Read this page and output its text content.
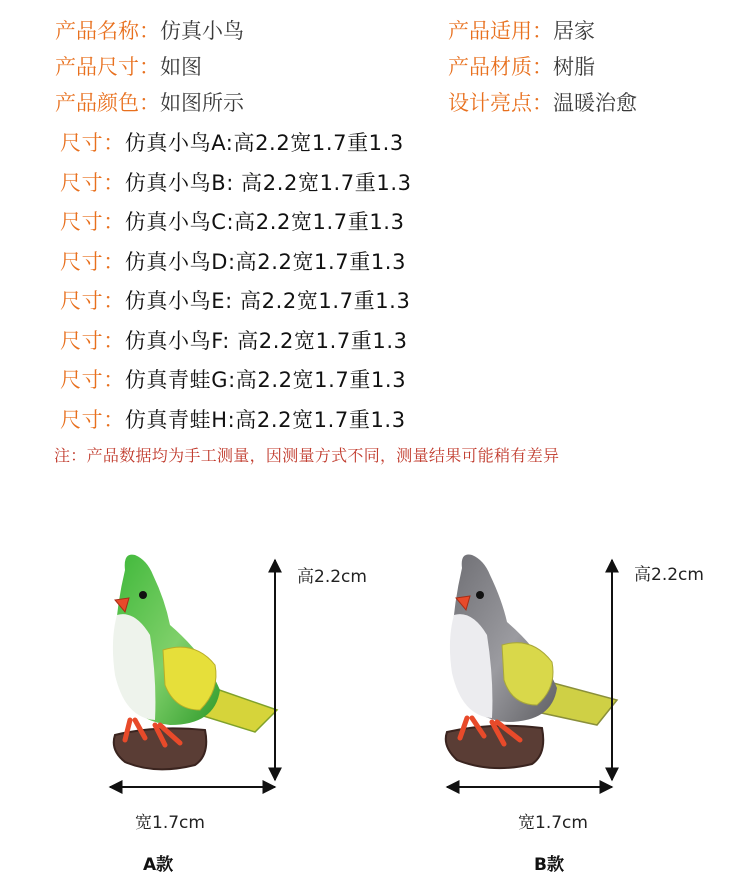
产品名称：仿真小鸟	产品适用：居家
产品尺寸：如图	产品材质：树脂
产品颜色：如图所示	设计亮点：温暖治愈
尺寸：仿真小鸟A:高2.2宽1.7重1.3
尺寸：仿真小鸟B: 高2.2宽1.7重1.3
尺寸：仿真小鸟C:高2.2宽1.7重1.3
尺寸：仿真小鸟D:高2.2宽1.7重1.3
尺寸：仿真小鸟E: 高2.2宽1.7重1.3
尺寸：仿真小鸟F: 高2.2宽1.7重1.3
尺寸：仿真青蛙G:高2.2宽1.7重1.3
尺寸：仿真青蛙H:高2.2宽1.7重1.3
注：产品数据均为手工测量，因测量方式不同，测量结果可能稍有差异
高2.2cm
宽1.7cm
A款
高2.2cm
宽1.7cm
B款
